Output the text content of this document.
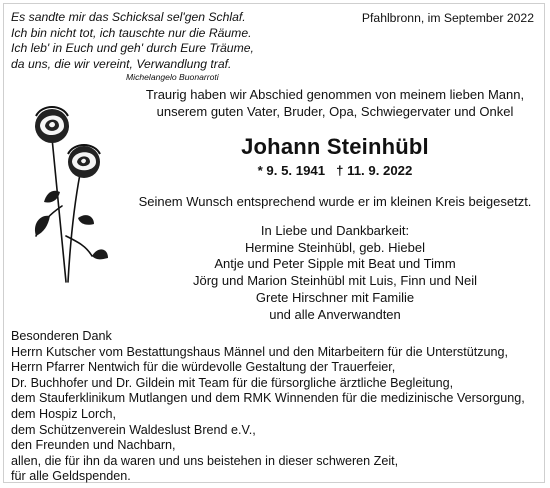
Es sandte mir das Schicksal sel'gen Schlaf.
Ich bin nicht tot, ich tauschte nur die Räume.
Ich leb' in Euch und geh' durch Eure Träume,
da uns, die wir vereint, Verwandlung traf.
Michelangelo Buonarroti
Pfahlbronn, im September 2022
Traurig haben wir Abschied genommen von meinem lieben Mann,
unserem guten Vater, Bruder, Opa, Schwiegervater und Onkel
Johann Steinhübl
* 9. 5. 1941   † 11. 9. 2022
Seinem Wunsch entsprechend wurde er im kleinen Kreis beigesetzt.
In Liebe und Dankbarkeit:
Hermine Steinhübl, geb. Hiebel
Antje und Peter Sipple mit Beat und Timm
Jörg und Marion Steinhübl mit Luis, Finn und Neil
Grete Hirschner mit Familie
und alle Anverwandten
Besonderen Dank
Herrn Kutscher vom Bestattungshaus Männel und den Mitarbeitern für die Unterstützung,
Herrn Pfarrer Nentwich für die würdevolle Gestaltung der Trauerfeier,
Dr. Buchhofer und Dr. Gildein mit Team für die fürsorgliche ärztliche Begleitung,
dem Stauferklinikum Mutlangen und dem RMK Winnenden für die medizinische Versorgung,
dem Hospiz Lorch,
dem Schützenverein Waldeslust Brend e.V.,
den Freunden und Nachbarn,
allen, die für ihn da waren und uns beistehen in dieser schweren Zeit,
für alle Geldspenden.
